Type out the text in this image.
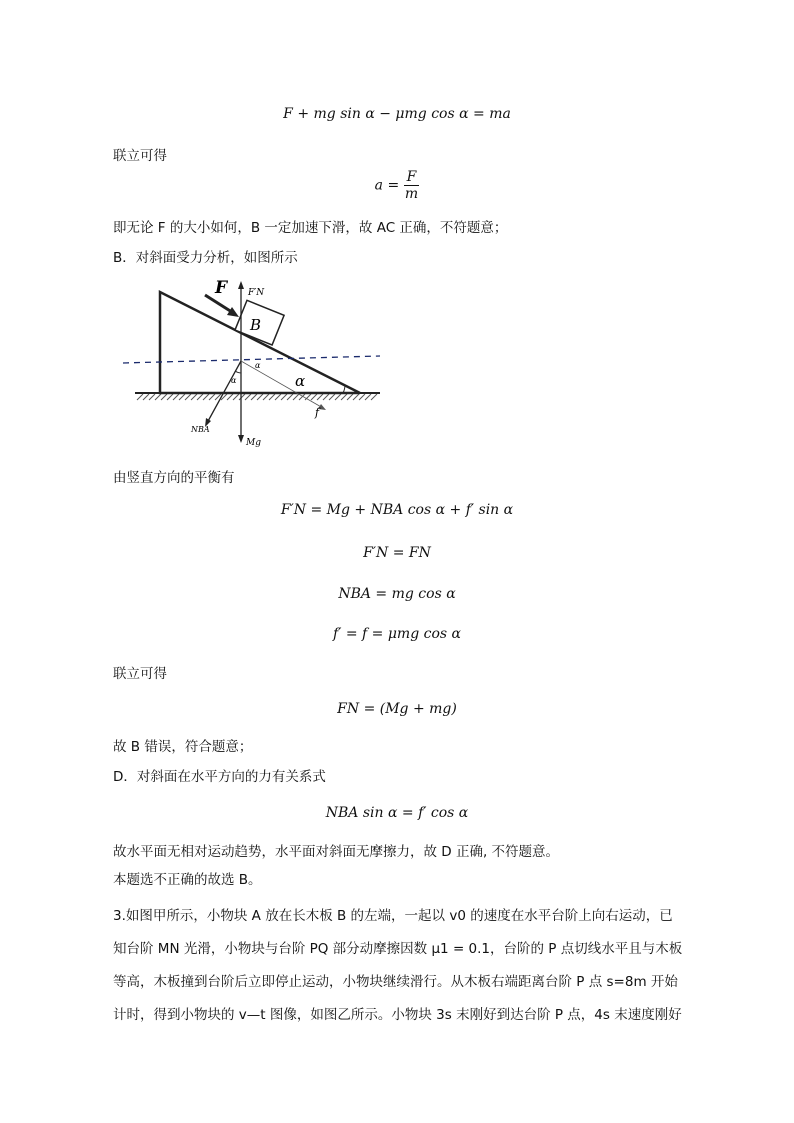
F + mg sin α − μmg cos α = ma
联立可得
$a = \frac{F}{m}$
即无论 F 的大小如何，B 一定加速下滑，故 AC 正确，不符题意；
B．对斜面受力分析，如图所示
B
F F′N
Mg
NBA
f
α
α
α
由竖直方向的平衡有
F′N = Mg + NBA cos α + f′ sin α
F′N = FN
NBA = mg cos α
f′ = f = μmg cos α
联立可得
FN = (Mg + mg)
故 B 错误，符合题意；
D．对斜面在水平方向的力有关系式
NBA sin α = f′ cos α
故水平面无相对运动趋势，水平面对斜面无摩擦力，故 D 正确, 不符题意。
本题选不正确的故选 B。
3.如图甲所示，小物块 A 放在长木板 B 的左端，一起以 v0 的速度在水平台阶上向右运动，已
知台阶 MN 光滑，小物块与台阶 PQ 部分动摩擦因数 μ1 = 0.1，台阶的 P 点切线水平且与木板
等高，木板撞到台阶后立即停止运动，小物块继续滑行。从木板右端距离台阶 P 点 s=8m 开始
计时，得到小物块的 v—t 图像，如图乙所示。小物块 3s 末刚好到达台阶 P 点，4s 末速度刚好
